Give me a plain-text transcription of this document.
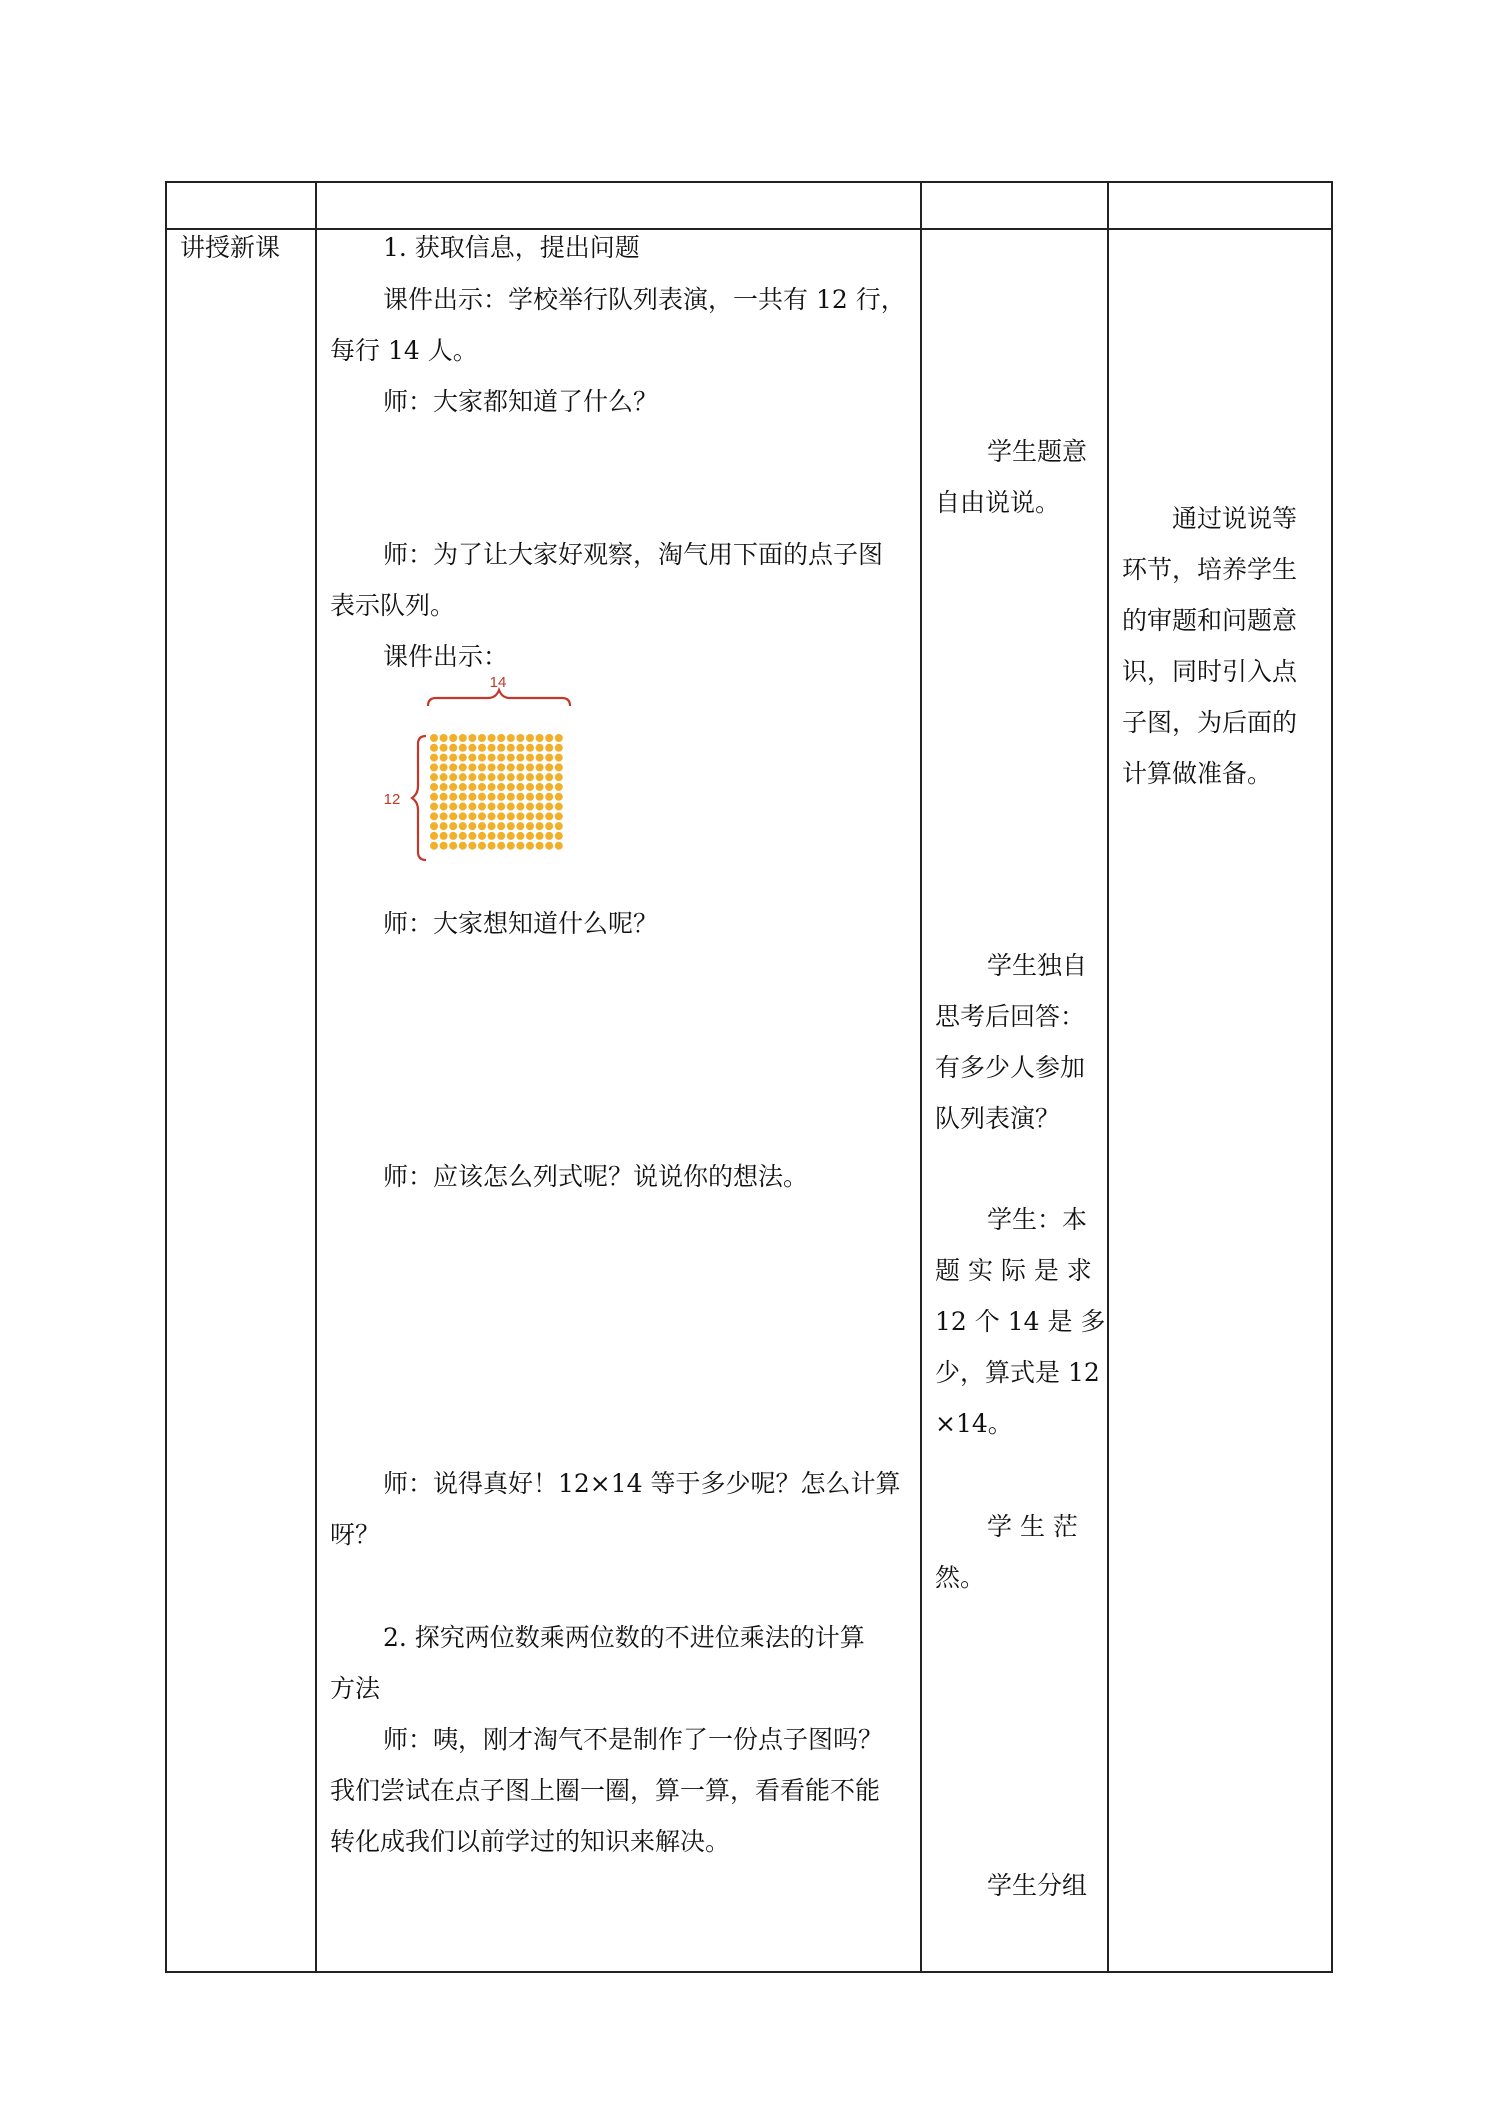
讲授新课	1. 获取信息，提出问题
课件出示：学校举行队列表演，一共有 12 行，
每行 14 人。
师：大家都知道了什么？
师：为了让大家好观察，淘气用下面的点子图
表示队列。
课件出示：
14
12
师：大家想知道什么呢？
师：应该怎么列式呢？说说你的想法。
师：说得真好！12×14 等于多少呢？怎么计算
呀？
2. 探究两位数乘两位数的不进位乘法的计算
方法
师：咦，刚才淘气不是制作了一份点子图吗？
我们尝试在点子图上圈一圈，算一算，看看能不能
转化成我们以前学过的知识来解决。
学生题意
自由说说。
学生独自
思考后回答：
有多少人参加
队列表演？
学生：本
题 实 际 是 求
12 个 14 是 多
少，算式是 12
×14。
学 生 茫
然。
学生分组
通过说说等
环节，培养学生
的审题和问题意
识，同时引入点
子图，为后面的
计算做准备。
